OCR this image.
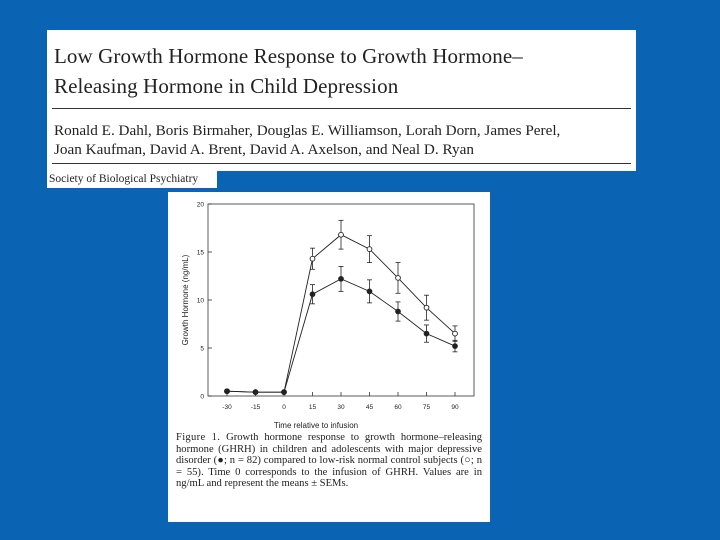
Low Growth Hormone Response to Growth Hormone–
Releasing Hormone in Child Depression
Ronald E. Dahl, Boris Birmaher, Douglas E. Williamson, Lorah Dorn, James Perel,
Joan Kaufman, David A. Brent, David A. Axelson, and Neal D. Ryan
Society of Biological Psychiatry
0
5
10
15
20
-30	-15	0	15	30	45	60	75	90
Growth Hormone (ng/mL)
Time relative to infusion
Figure 1. Growth hormone response to growth hormone–releasing hormone (GHRH) in children and adolescents with major depressive disorder (●; n = 82) compared to low-risk normal control subjects (○; n = 55). Time 0 corresponds to the infusion of GHRH. Values are in ng/mL and represent the means ± SEMs.
